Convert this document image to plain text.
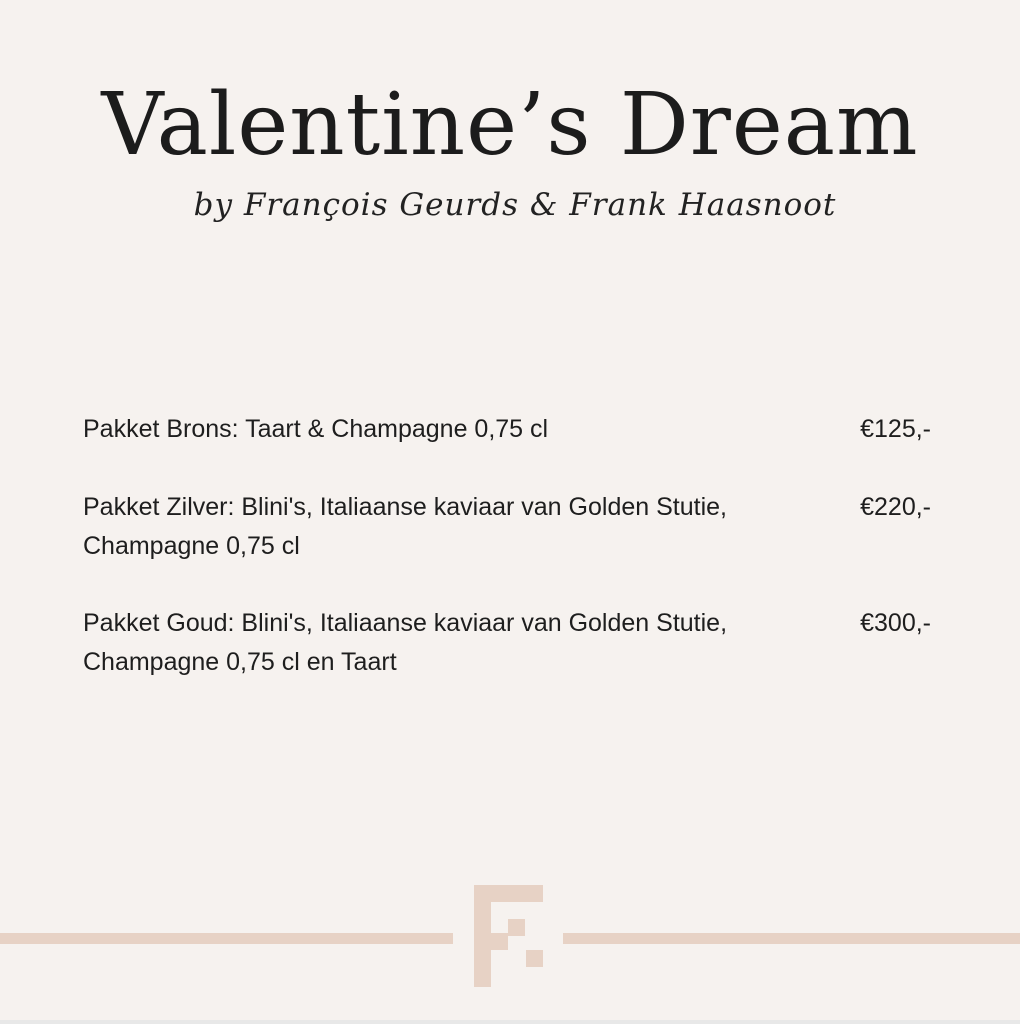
Valentine’s Dream
by François Geurds & Frank Haasnoot
Pakket Brons: Taart & Champagne 0,75 cl	€125,-
Pakket Zilver: Blini's, Italiaanse kaviaar van Golden Stutie, Champagne 0,75 cl
€220,-
Pakket Goud: Blini's, Italiaanse kaviaar van Golden Stutie, Champagne 0,75 cl en Taart
€300,-
